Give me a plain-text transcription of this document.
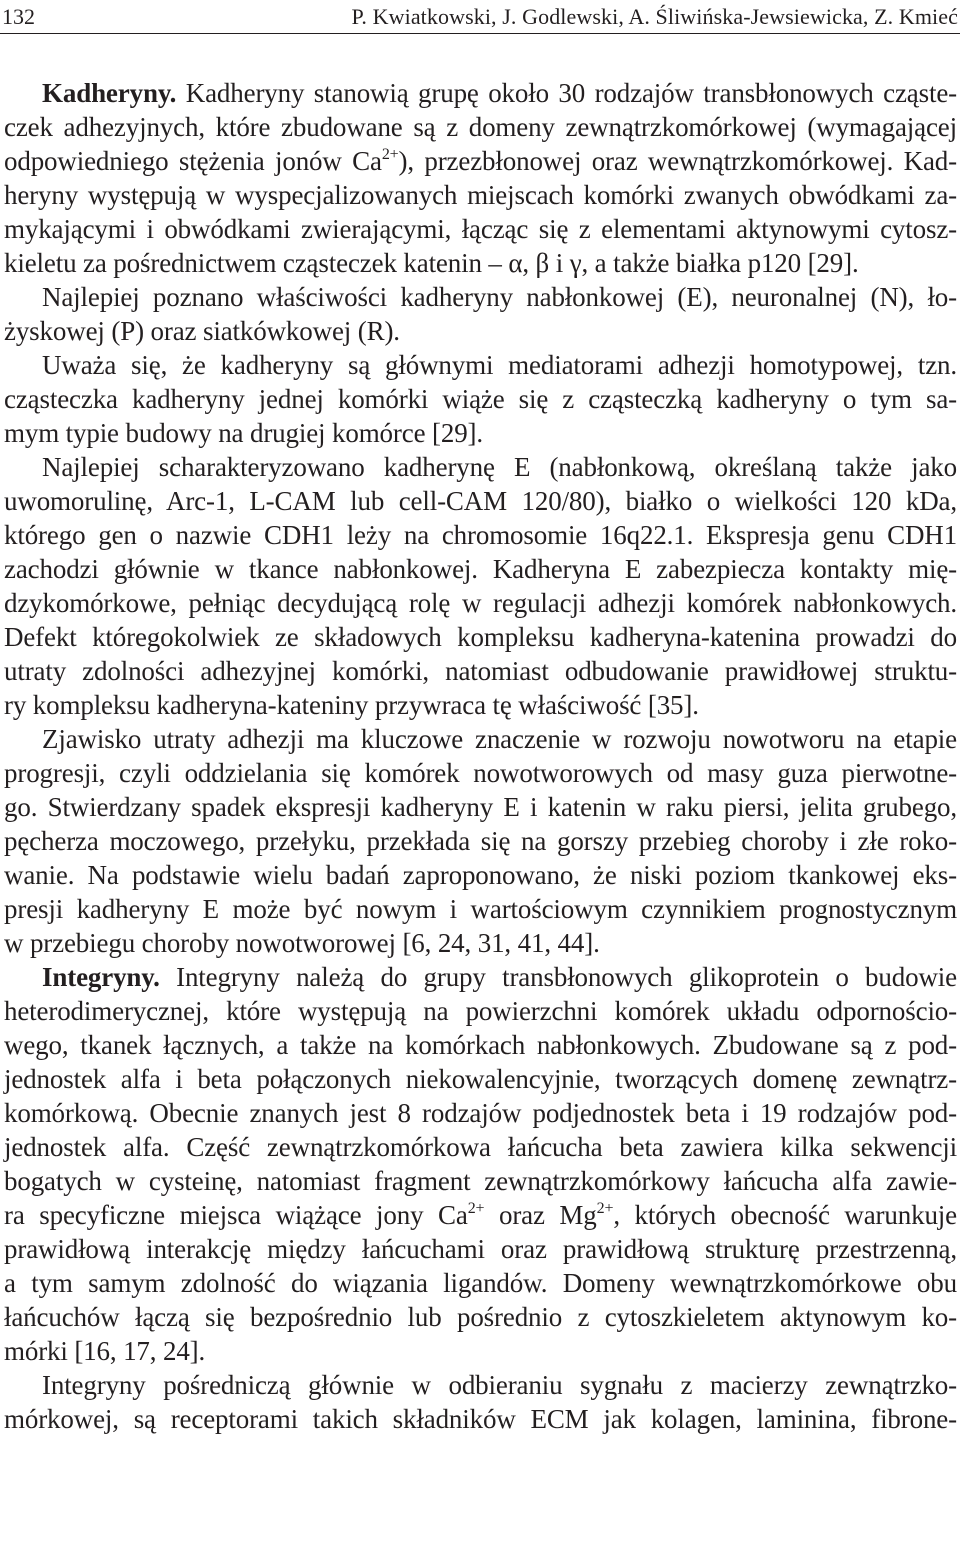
132	P. Kwiatkowski, J. Godlewski, A. Śliwińska-Jewsiewicka, Z. Kmieć
Kadheryny. Kadheryny stanowią grupę około 30 rodzajów transbłonowych cząste-
czek adhezyjnych, które zbudowane są z domeny zewnątrzkomórkowej (wymagającej
odpowiedniego stężenia jonów $Ca^{2+}$), przezbłonowej oraz wewnątrzkomórkowej. Kad-
heryny występują w wyspecjalizowanych miejscach komórki zwanych obwódkami za-
mykającymi i obwódkami zwierającymi, łącząc się z elementami aktynowymi cytosz-
kieletu za pośrednictwem cząsteczek katenin – α, β i γ, a także białka p120 [29].
Najlepiej poznano właściwości kadheryny nabłonkowej (E), neuronalnej (N), ło-
żyskowej (P) oraz siatkówkowej (R).
Uważa się, że kadheryny są głównymi mediatorami adhezji homotypowej, tzn.
cząsteczka kadheryny jednej komórki wiąże się z cząsteczką kadheryny o tym sa-
mym typie budowy na drugiej komórce [29].
Najlepiej scharakteryzowano kadherynę E (nabłonkową, określaną także jako
uwomorulinę, Arc-1, L-CAM lub cell-CAM 120/80), białko o wielkości 120 kDa,
którego gen o nazwie CDH1 leży na chromosomie 16q22.1. Ekspresja genu CDH1
zachodzi głównie w tkance nabłonkowej. Kadheryna E zabezpiecza kontakty mię-
dzykomórkowe, pełniąc decydującą rolę w regulacji adhezji komórek nabłonkowych.
Defekt któregokolwiek ze składowych kompleksu kadheryna-katenina prowadzi do
utraty zdolności adhezyjnej komórki, natomiast odbudowanie prawidłowej struktu-
ry kompleksu kadheryna-kateniny przywraca tę właściwość [35].
Zjawisko utraty adhezji ma kluczowe znaczenie w rozwoju nowotworu na etapie
progresji, czyli oddzielania się komórek nowotworowych od masy guza pierwotne-
go. Stwierdzany spadek ekspresji kadheryny E i katenin w raku piersi, jelita grubego,
pęcherza moczowego, przełyku, przekłada się na gorszy przebieg choroby i złe roko-
wanie. Na podstawie wielu badań zaproponowano, że niski poziom tkankowej eks-
presji kadheryny E może być nowym i wartościowym czynnikiem prognostycznym
w przebiegu choroby nowotworowej [6, 24, 31, 41, 44].
Integryny. Integryny należą do grupy transbłonowych glikoprotein o budowie
heterodimerycznej, które występują na powierzchni komórek układu odpornościo-
wego, tkanek łącznych, a także na komórkach nabłonkowych. Zbudowane są z pod-
jednostek alfa i beta połączonych niekowalencyjnie, tworzących domenę zewnątrz-
komórkową. Obecnie znanych jest 8 rodzajów podjednostek beta i 19 rodzajów pod-
jednostek alfa. Część zewnątrzkomórkowa łańcucha beta zawiera kilka sekwencji
bogatych w cysteinę, natomiast fragment zewnątrzkomórkowy łańcucha alfa zawie-
ra specyficzne miejsca wiążące jony $Ca^{2+}$ oraz $Mg^{2+}$, których obecność warunkuje
prawidłową interakcję między łańcuchami oraz prawidłową strukturę przestrzenną,
a tym samym zdolność do wiązania ligandów. Domeny wewnątrzkomórkowe obu
łańcuchów łączą się bezpośrednio lub pośrednio z cytoszkieletem aktynowym ko-
mórki [16, 17, 24].
Integryny pośredniczą głównie w odbieraniu sygnału z macierzy zewnątrzko-
mórkowej, są receptorami takich składników ECM jak kolagen, laminina, fibrone-
